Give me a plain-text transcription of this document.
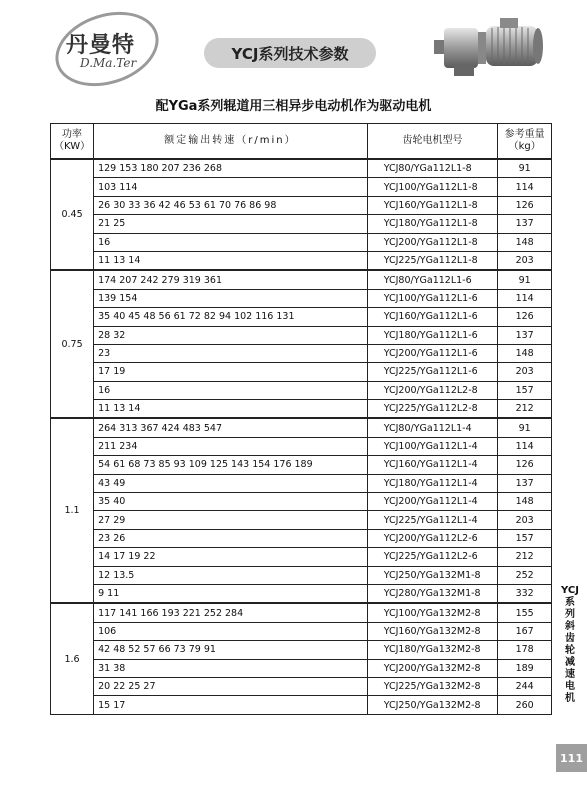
丹曼特
D.Ma.Ter
YCJ系列技术参数
配YGa系列辊道用三相异步电动机作为驱动电机
功率
（KW）	额定输出转速（r/min）	齿轮电机型号	参考重量
（kg）
0.45	129 153 180 207 236 268	YCJ80/YGa112L1-8	91
	103 114	YCJ100/YGa112L1-8	114
	26 30 33 36 42 46 53 61 70 76 86 98	YCJ160/YGa112L1-8	126
	21 25	YCJ180/YGa112L1-8	137
	16	YCJ200/YGa112L1-8	148
	11 13 14	YCJ225/YGa112L1-8	203
0.75	174 207 242 279 319 361	YCJ80/YGa112L1-6	91
	139 154	YCJ100/YGa112L1-6	114
	35 40 45 48 56 61 72 82 94 102 116 131	YCJ160/YGa112L1-6	126
	28 32	YCJ180/YGa112L1-6	137
	23	YCJ200/YGa112L1-6	148
	17 19	YCJ225/YGa112L1-6	203
	16	YCJ200/YGa112L2-8	157
	11 13 14	YCJ225/YGa112L2-8	212
1.1	264 313 367 424 483 547	YCJ80/YGa112L1-4	91
	211 234	YCJ100/YGa112L1-4	114
	54 61 68 73 85 93 109 125 143 154 176 189	YCJ160/YGa112L1-4	126
	43 49	YCJ180/YGa112L1-4	137
	35 40	YCJ200/YGa112L1-4	148
	27 29	YCJ225/YGa112L1-4	203
	23 26	YCJ200/YGa112L2-6	157
	14 17 19 22	YCJ225/YGa112L2-6	212
	12 13.5	YCJ250/YGa132M1-8	252
	9 11	YCJ280/YGa132M1-8	332
1.6	117 141 166 193 221 252 284	YCJ100/YGa132M2-8	155
	106	YCJ160/YGa132M2-8	167
	42 48 52 57 66 73 79 91	YCJ180/YGa132M2-8	178
	31 38	YCJ200/YGa132M2-8	189
	20 22 25 27	YCJ225/YGa132M2-8	244
	15 17	YCJ250/YGa132M2-8	260
YCJ
系
列
斜
齿
轮
减
速
电
机
111
